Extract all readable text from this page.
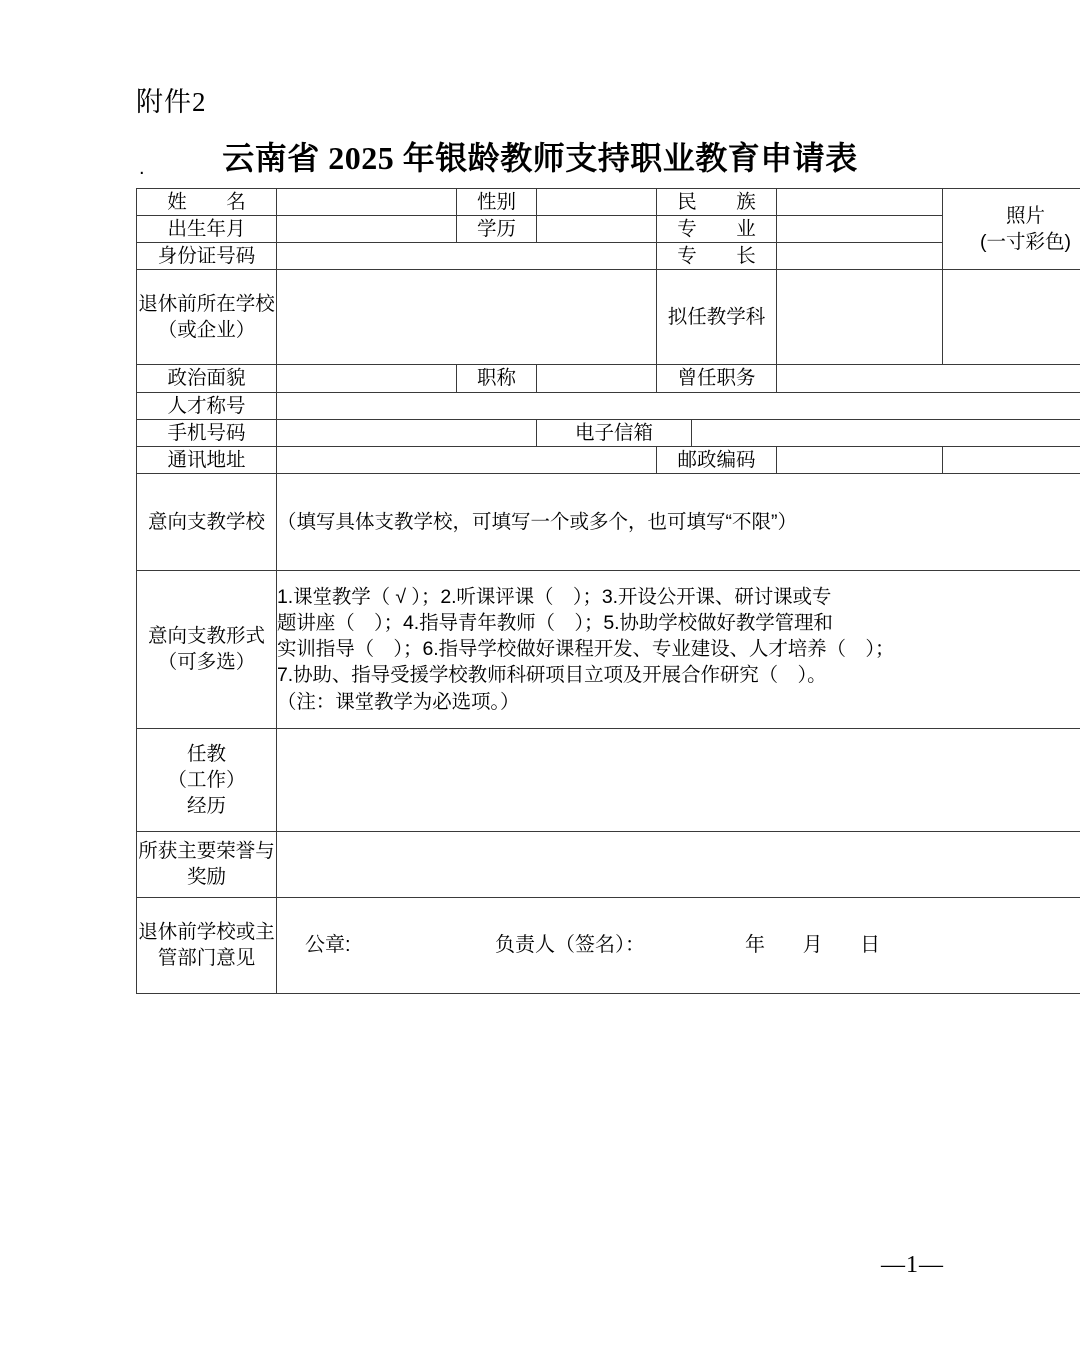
附件2
云南省 2025 年银龄教师支持职业教育申请表
.
姓　名		性别		民　族			照片
(一寸彩色)

出生年月		学历		专　业			
身份证号码				专　长			
退休前所在学校（或企业）				拟任教学科			
政治面貌		职称		曾任职务			
人才称号							
手机号码			电子信箱				
通讯地址				邮政编码			
意向支教学校	（填写具体支教学校，可填写一个或多个，也可填写“不限”）						
意向支教形式（可多选）	1.课堂教学（ √ ）；2.听课评课（　）；3.开设公开课、研讨课或专
题讲座（　）；4.指导青年教师（　）；5.协助学校做好教学管理和
实训指导（　）；6.指导学校做好课程开发、专业建设、人才培养（　）；
7.协助、指导受援学校教师科研项目立项及开展合作研究（　）。
（注：课堂教学为必选项。）						

任教
（工作）
经历							

所获主要荣誉与奖励							
退休前学校或主管部门意见	公章: 负责人（签名）： 年 月 日						
—1—
